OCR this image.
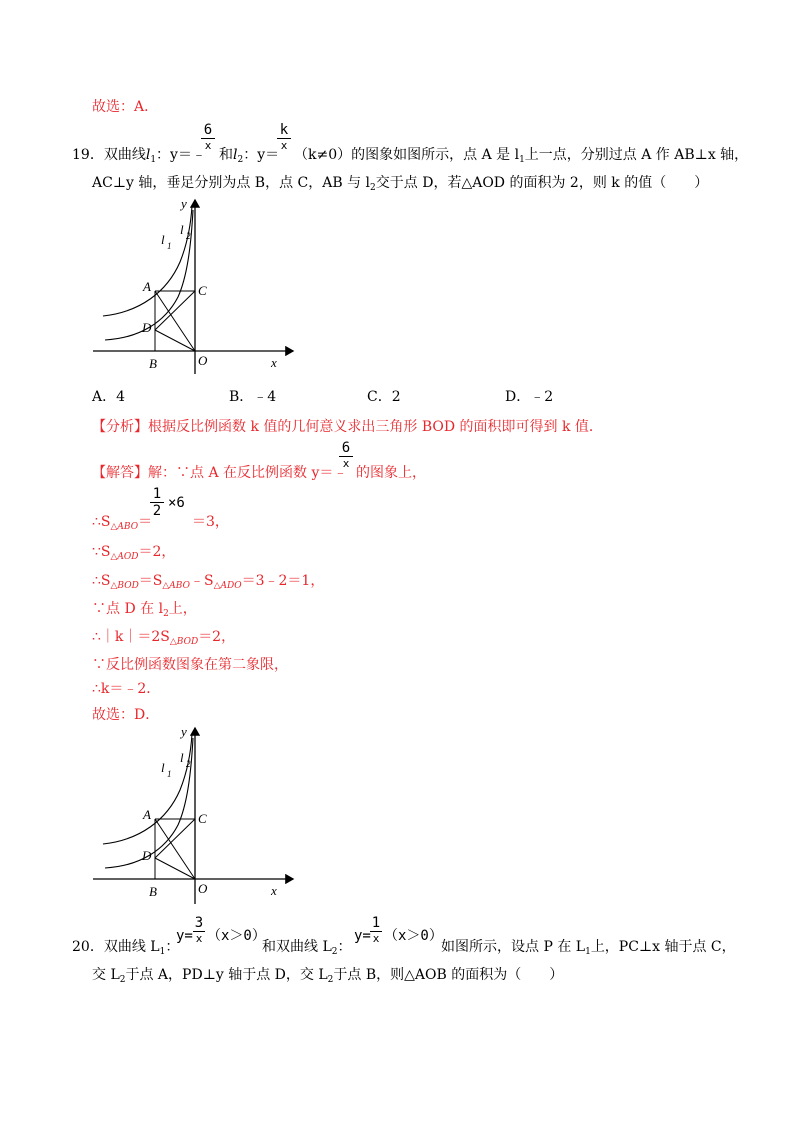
故选：A．
19．双曲线$l_1$：y＝﹣
6
x
和$l_2$：y＝
k
x
（k≠0）的图象如图所示，点 A 是 $l_1$上一点，分别过点 A 作 AB⊥x 轴，
AC⊥y 轴，垂足分别为点 B，点 C，AB 与 $l_2$交于点 D，若△AOD 的面积为 2，则 k 的值（　　）
y
x
l 1
l 2
A	C
D
B	O
A．4	B．﹣4	C．2	D．﹣2
【分析】根据反比例函数 k 值的几何意义求出三角形 BOD 的面积即可得到 k 值．
【解答】解：∵点 A 在反比例函数 y＝﹣
6
x
的图象上，
$\therefore S_{\triangle ABO}=$
1
2 ×6
＝3，
$\because S_{\triangle AOD}=2$，
$\therefore S_{\triangle BOD}=S_{\triangle ABO}﹣S_{\triangle ADO}=3﹣2=1$，
∵点 D 在 $l_2$上，
$\therefore|k|=2S_{\triangle BOD}=2$，
∵反比例函数图象在第二象限，
∴k＝﹣2．
故选：D．
y
x
l 1
l 2
A	C
D
B	O
20．双曲线 $L_1$：
y=
3
x （x＞0）
和双曲线 $L_2$：
y=
1
x （x＞0）
如图所示，设点 P 在 $L_1$上，PC⊥x 轴于点 C，
交 $L_2$于点 A，PD⊥y 轴于点 D，交 $L_2$于点 B，则△AOB 的面积为（　　）
